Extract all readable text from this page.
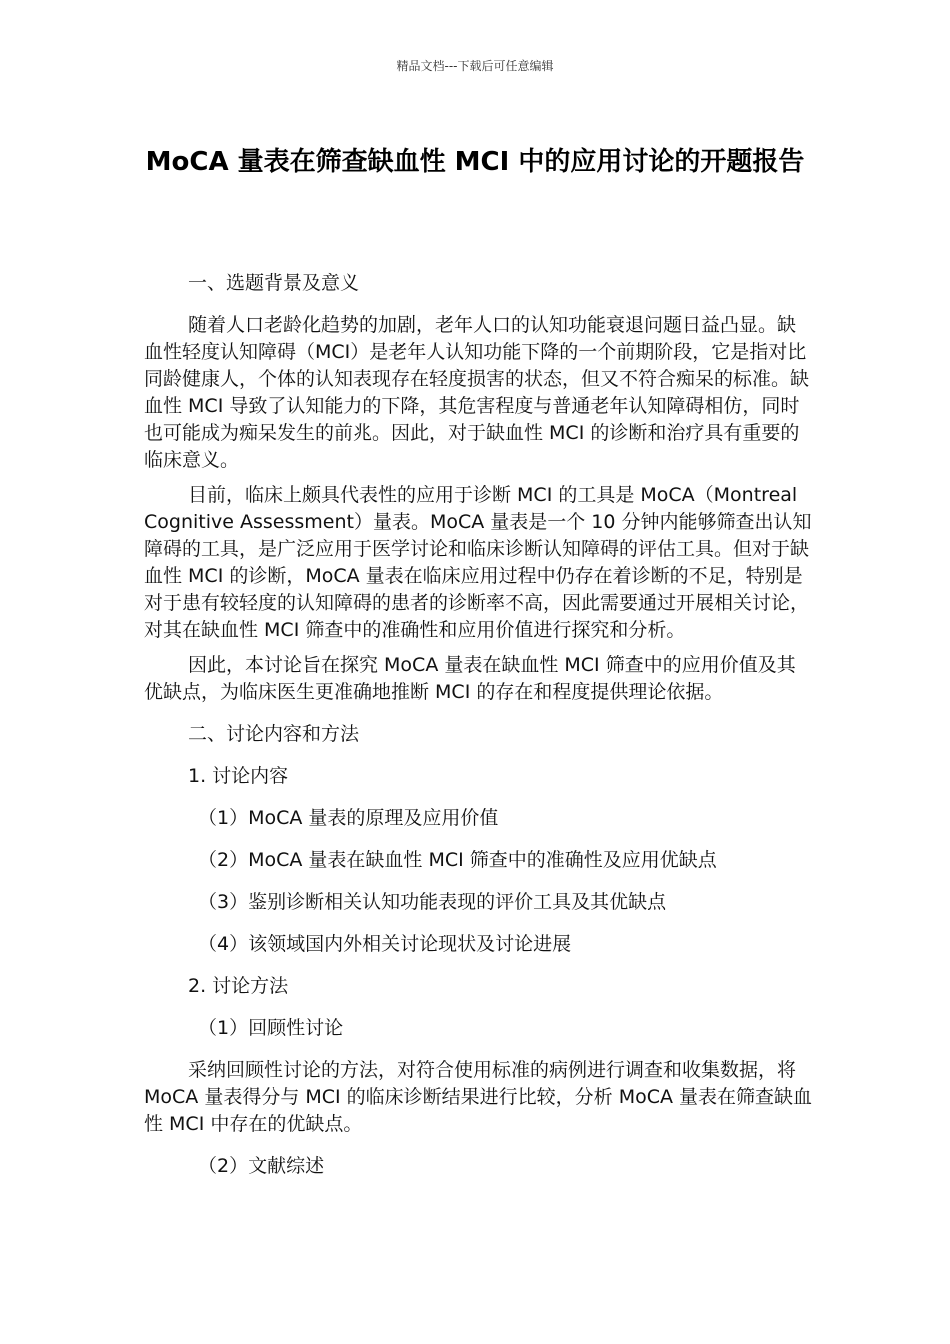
精品文档---下载后可任意编辑
MoCA 量表在筛查缺血性 MCI 中的应用讨论的开题报告

一、选题背景及意义

随着人口老龄化趋势的加剧，老年人口的认知功能衰退问题日益凸显。缺血性轻度认知障碍（MCI）是老年人认知功能下降的一个前期阶段，它是指对比同龄健康人，个体的认知表现存在轻度损害的状态，但又不符合痴呆的标准。缺血性 MCI 导致了认知能力的下降，其危害程度与普通老年认知障碍相仿，同时也可能成为痴呆发生的前兆。因此，对于缺血性 MCI 的诊断和治疗具有重要的临床意义。

目前，临床上颇具代表性的应用于诊断 MCI 的工具是 MoCA（Montreal Cognitive Assessment）量表。MoCA 量表是一个 10 分钟内能够筛查出认知障碍的工具，是广泛应用于医学讨论和临床诊断认知障碍的评估工具。但对于缺血性 MCI 的诊断，MoCA 量表在临床应用过程中仍存在着诊断的不足，特别是对于患有较轻度的认知障碍的患者的诊断率不高，因此需要通过开展相关讨论，对其在缺血性 MCI 筛查中的准确性和应用价值进行探究和分析。

因此，本讨论旨在探究 MoCA 量表在缺血性 MCI 筛查中的应用价值及其优缺点，为临床医生更准确地推断 MCI 的存在和程度提供理论依据。

二、讨论内容和方法

1. 讨论内容

（1）MoCA 量表的原理及应用价值

（2）MoCA 量表在缺血性 MCI 筛查中的准确性及应用优缺点

（3）鉴别诊断相关认知功能表现的评价工具及其优缺点

（4）该领域国内外相关讨论现状及讨论进展

2. 讨论方法

（1）回顾性讨论

采纳回顾性讨论的方法，对符合使用标准的病例进行调查和收集数据，将 MoCA 量表得分与 MCI 的临床诊断结果进行比较，分析 MoCA 量表在筛查缺血性 MCI 中存在的优缺点。

（2）文献综述
